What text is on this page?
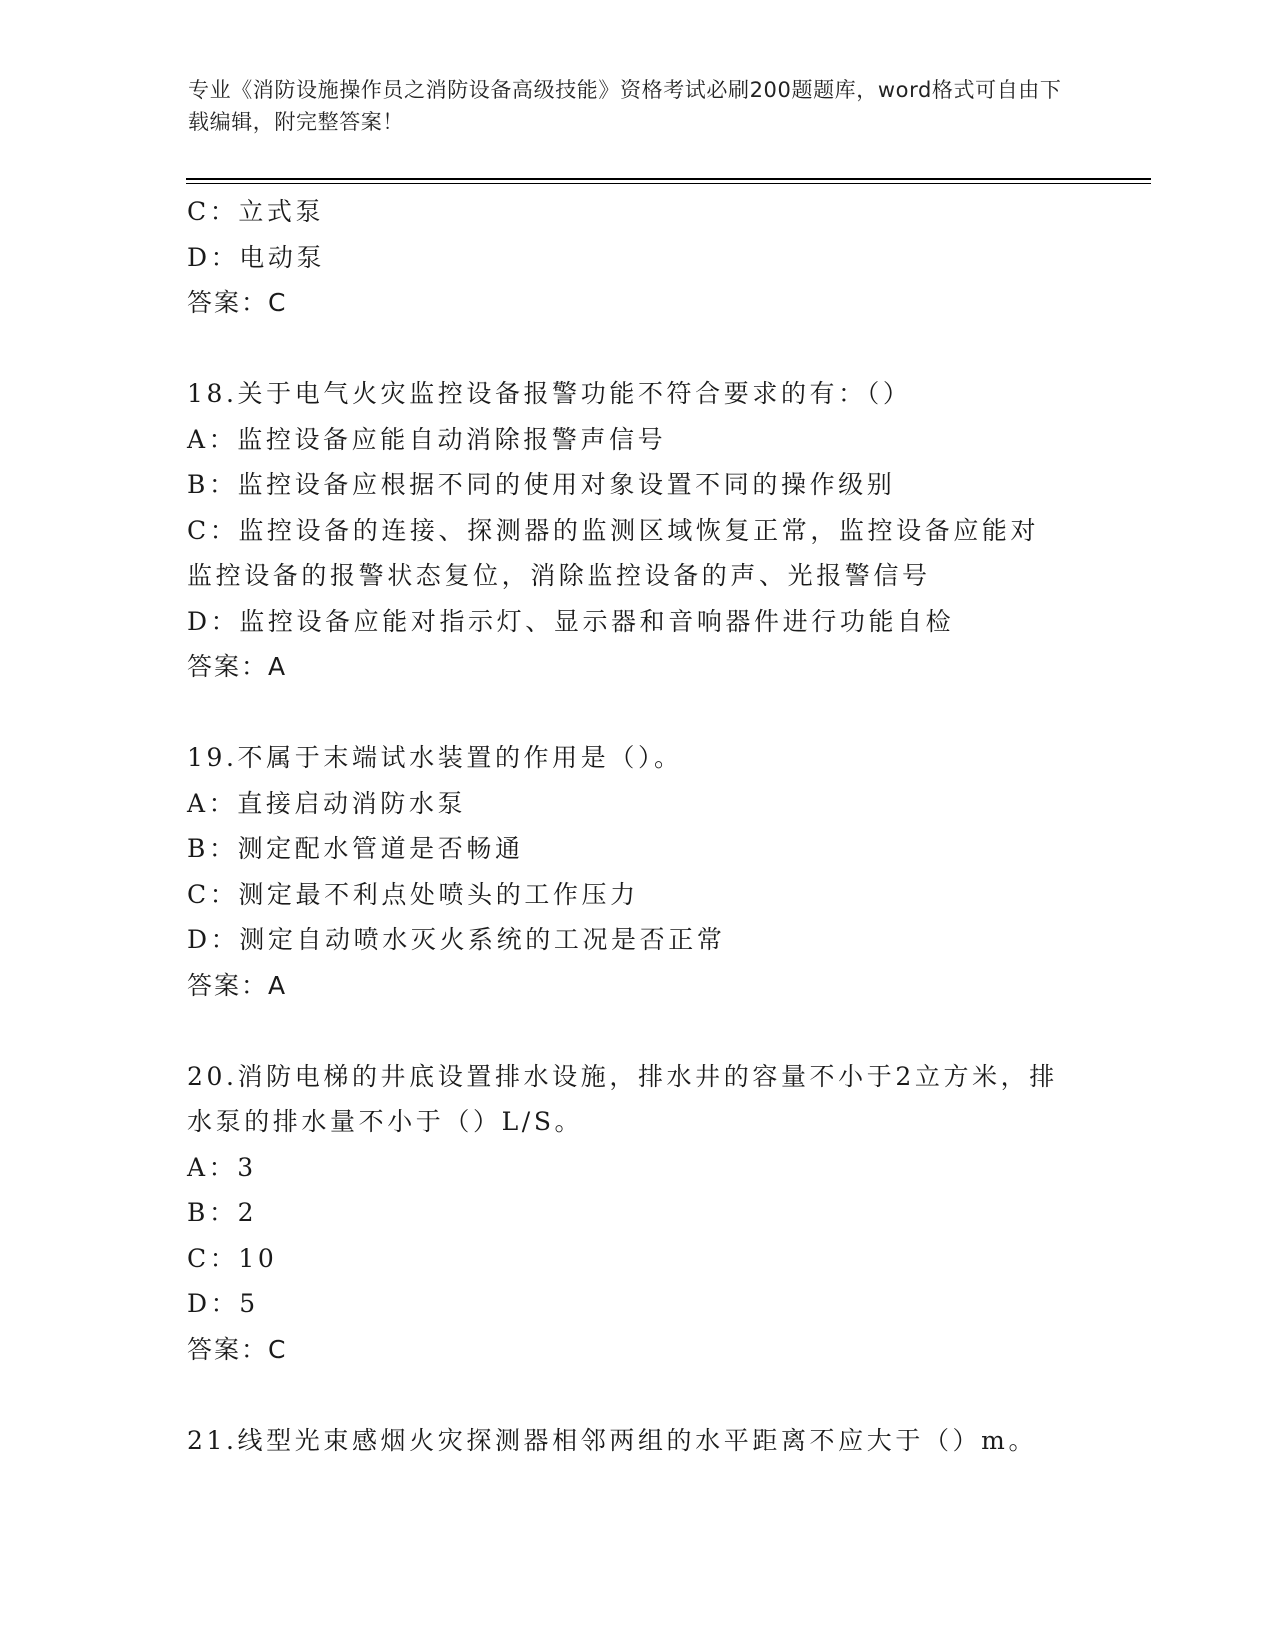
专业《消防设施操作员之消防设备高级技能》资格考试必刷200题题库，word格式可自由下载编辑，附完整答案！
C：立式泵
D：电动泵
答案：C
18.关于电气火灾监控设备报警功能不符合要求的有：（）
A：监控设备应能自动消除报警声信号
B：监控设备应根据不同的使用对象设置不同的操作级别
C：监控设备的连接、探测器的监测区域恢复正常，监控设备应能对监控设备的报警状态复位，消除监控设备的声、光报警信号
D：监控设备应能对指示灯、显示器和音响器件进行功能自检
答案：A
19.不属于末端试水装置的作用是（）。
A：直接启动消防水泵
B：测定配水管道是否畅通
C：测定最不利点处喷头的工作压力
D：测定自动喷水灭火系统的工况是否正常
答案：A
20.消防电梯的井底设置排水设施，排水井的容量不小于2立方米，排水泵的排水量不小于（）L/S。
A：3
B：2
C：10
D：5
答案：C
21.线型光束感烟火灾探测器相邻两组的水平距离不应大于（）m。
